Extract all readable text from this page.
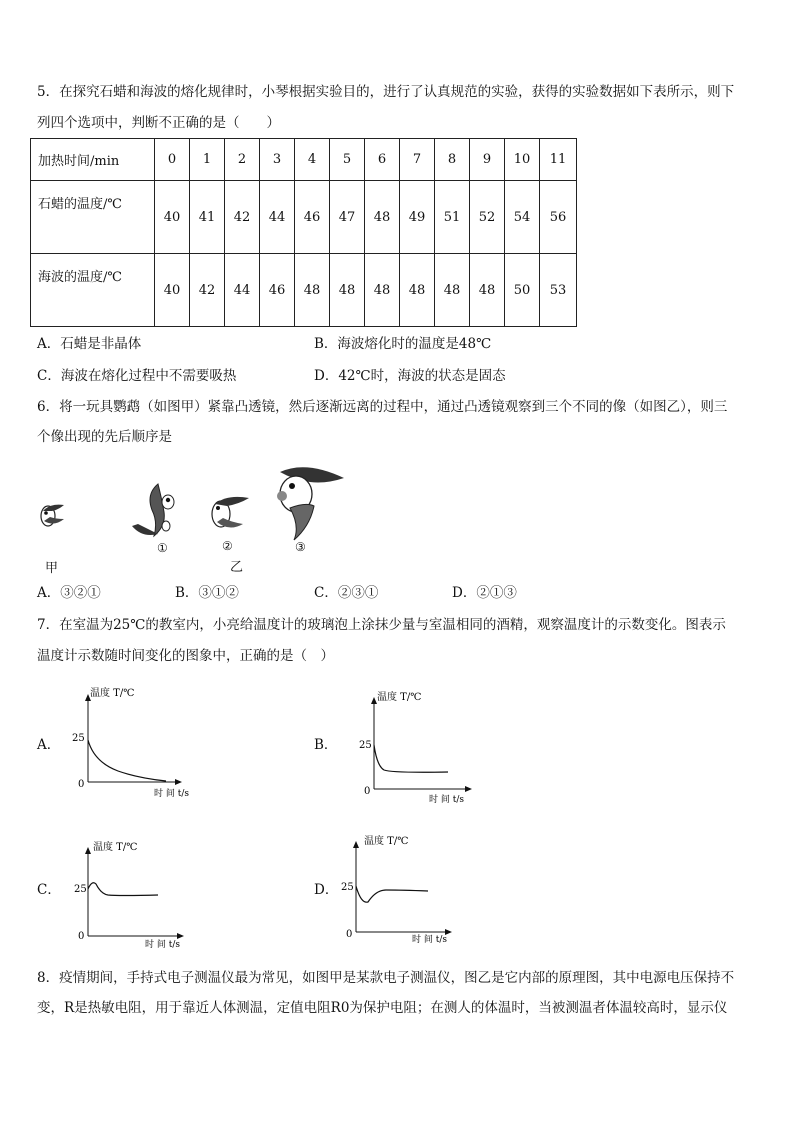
5．在探究石蜡和海波的熔化规律时，小琴根据实验目的，进行了认真规范的实验，获得的实验数据如下表所示，则下
列四个选项中，判断不正确的是（　　）
加热时间/min	0	1	2	3	4	5	6	7	8	9	10	11
石蜡的温度/℃	40	41	42	44	46	47	48	49	51	52	54	56
海波的温度/℃	40	42	44	46	48	48	48	48	48	48	50	53
A．石蜡是非晶体	B．海波熔化时的温度是48℃
C．海波在熔化过程中不需要吸热	D．42℃时，海波的状态是固态
6．将一玩具鹦鹉（如图甲）紧靠凸透镜，然后逐渐远离的过程中，通过凸透镜观察到三个不同的像（如图乙），则三
个像出现的先后顺序是
甲
①	②
乙
③
A．③②①	B．③①②	C．②③①	D．②①③
7．在室温为25℃的教室内，小亮给温度计的玻璃泡上涂抹少量与室温相同的酒精，观察温度计的示数变化。图表示
温度计示数随时间变化的图象中，正确的是（　）
A．
温度 T/℃
25
0
时 间 t/s
B．
温度 T/℃
25
0
时 间 t/s
C．
温度 T/℃
25
0
时 间 t/s
D．
温度 T/℃
25
0	时 间 t/s
8．疫情期间，手持式电子测温仪最为常见，如图甲是某款电子测温仪，图乙是它内部的原理图，其中电源电压保持不
变，R是热敏电阻，用于靠近人体测温，定值电阻R0为保护电阻；在测人的体温时，当被测温者体温较高时，显示仪
